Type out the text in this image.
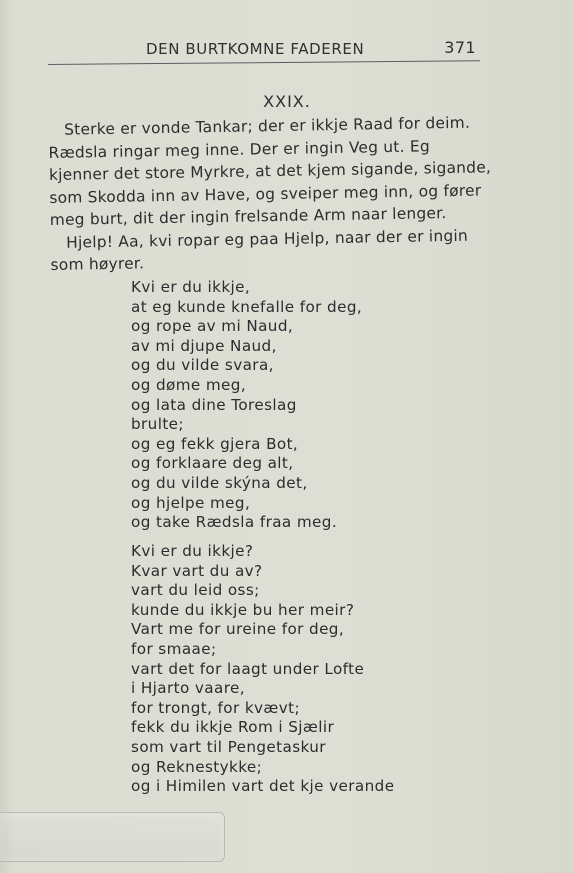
DEN BURTKOMNE FADEREN	371
XXIX.

Sterke er vonde Tankar; der er ikkje Raad for deim.
Rædsla ringar meg inne. Der er ingin Veg ut. Eg
kjenner det store Myrkre, at det kjem sigande, sigande,
som Skodda inn av Have, og sveiper meg inn, og fører
meg burt, dit der ingin frelsande Arm naar lenger.

Hjelp! Aa, kvi ropar eg paa Hjelp, naar der er ingin
som høyrer.

Kvi er du ikkje,
at eg kunde knefalle for deg,
og rope av mi Naud,
av mi djupe Naud,
og du vilde svara,
og døme meg,
og lata dine Toreslag
brulte;
og eg fekk gjera Bot,
og forklaare deg alt,
og du vilde skýna det,
og hjelpe meg,
og take Rædsla fraa meg.
Kvi er du ikkje?
Kvar vart du av?
vart du leid oss;
kunde du ikkje bu her meir?
Vart me for ureine for deg,
for smaae;
vart det for laagt under Lofte
i Hjarto vaare,
for trongt, for kvævt;
fekk du ikkje Rom i Sjælir
som vart til Pengetaskur
og Reknestykke;
og i Himilen vart det kje verande
